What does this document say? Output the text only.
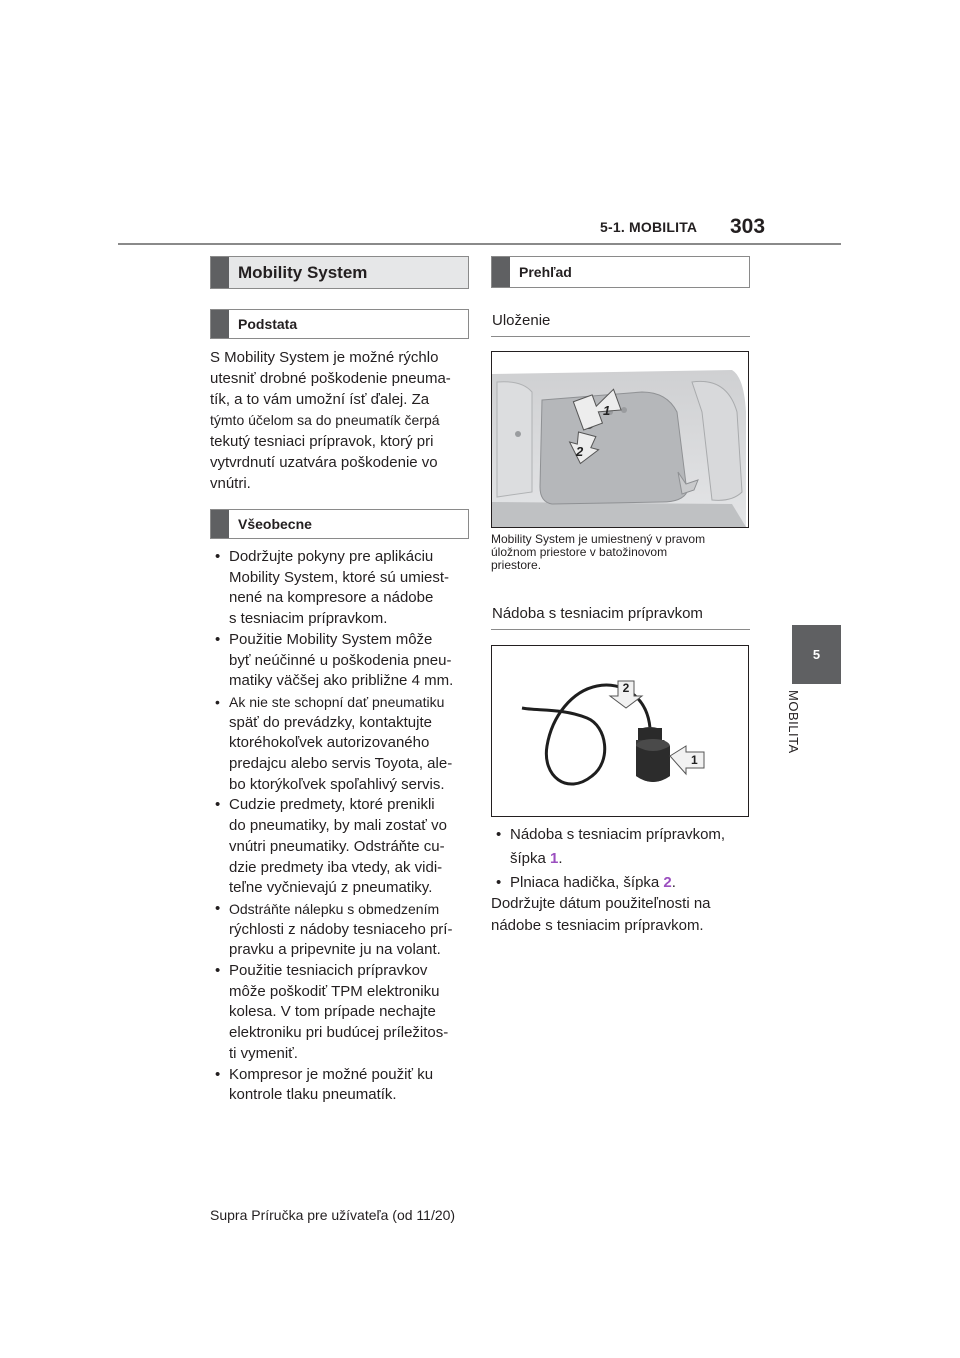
5-1. MOBILITA 303
5
MOBILITA
Mobility System
Podstata
S Mobility System je možné rýchlo
utesniť drobné poškodenie pneuma-
tík, a to vám umožní ísť ďalej. Za
týmto účelom sa do pneumatík čerpá
tekutý tesniaci prípravok, ktorý pri
vytvrdnutí uzatvára poškodenie vo
vnútri.
Všeobecne
• Dodržujte pokyny pre aplikáciu
Mobility System, ktoré sú umiest-
nené na kompresore a nádobe
s tesniacim prípravkom.
• Použitie Mobility System môže
byť neúčinné u poškodenia pneu-
matiky väčšej ako približne 4 mm.
• Ak nie ste schopní dať pneumatiku
späť do prevádzky, kontaktujte
ktoréhokoľvek autorizovaného
predajcu alebo servis Toyota, ale-
bo ktorýkoľvek spoľahlivý servis.
• Cudzie predmety, ktoré prenikli
do pneumatiky, by mali zostať vo
vnútri pneumatiky. Odstráňte cu-
dzie predmety iba vtedy, ak vidi-
teľne vyčnievajú z pneumatiky.
• Odstráňte nálepku s obmedzením
rýchlosti z nádoby tesniaceho prí-
pravku a pripevnite ju na volant.
• Použitie tesniacich prípravkov
môže poškodiť TPM elektroniku
kolesa. V tom prípade nechajte
elektroniku pri budúcej príležitos-
ti vymeniť.
• Kompresor je možné použiť ku
kontrole tlaku pneumatík.
Prehľad
Uloženie
1
2
Mobility System je umiestnený v pravom
úložnom priestore v batožinovom
priestore.
Nádoba s tesniacim prípravkom
2
1
• Nádoba s tesniacim prípravkom,
šípka 1.
• Plniaca hadička, šípka 2.
Dodržujte dátum použiteľnosti na
nádobe s tesniacim prípravkom.
Supra Príručka pre užívateľa (od 11/20)
